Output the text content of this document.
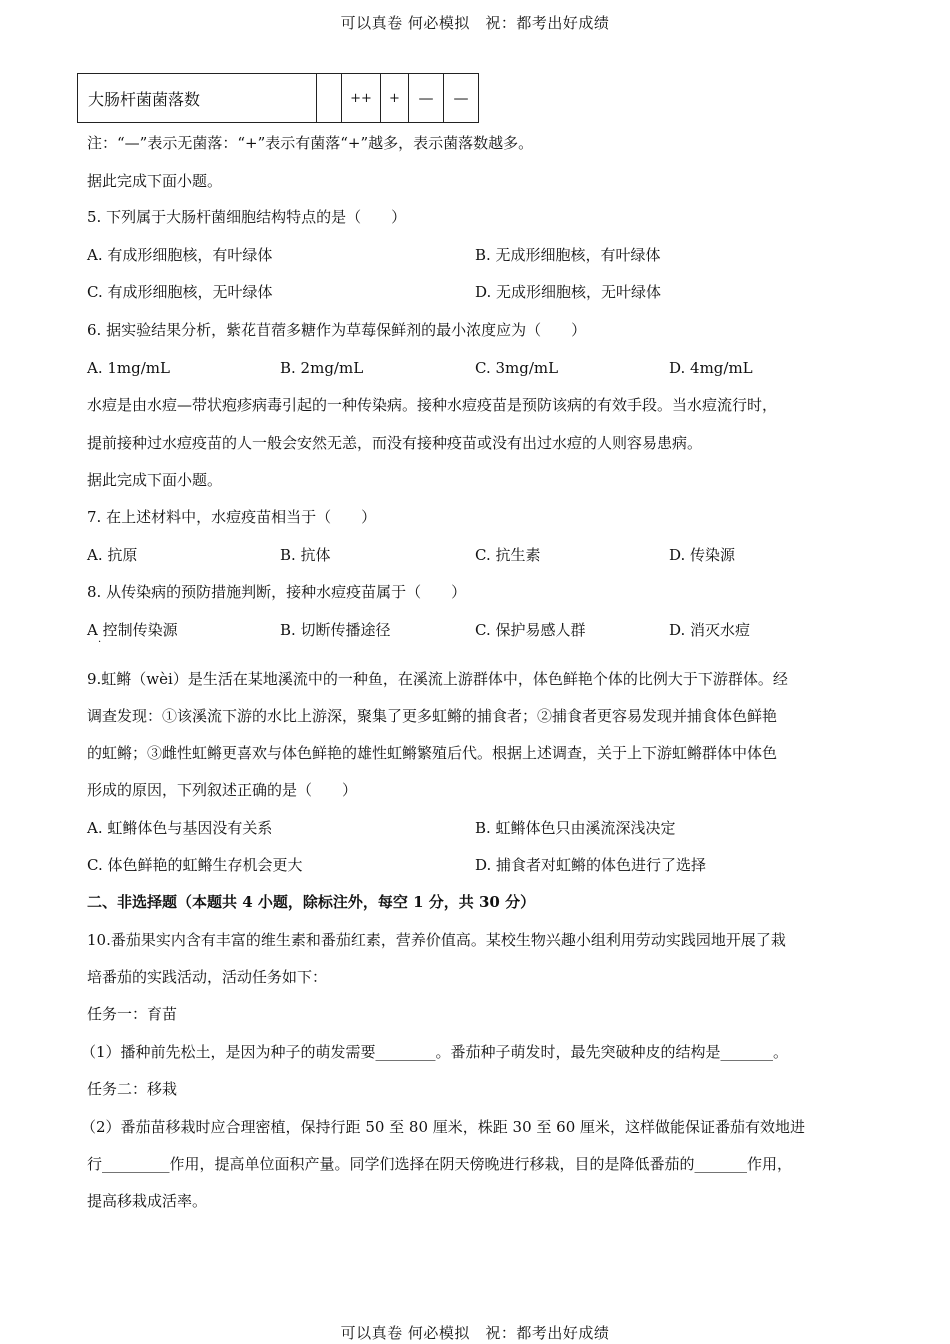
可以真卷 何必模拟　祝：都考出好成绩
大肠杆菌菌落数		++	+	—	—
注：“—”表示无菌落：“+”表示有菌落“+”越多，表示菌落数越多。
据此完成下面小题。
5. 下列属于大肠杆菌细胞结构特点的是（　　）
A. 有成形细胞核，有叶绿体	B. 无成形细胞核，有叶绿体
C. 有成形细胞核，无叶绿体	D. 无成形细胞核，无叶绿体
6. 据实验结果分析，紫花苜蓿多糖作为草莓保鲜剂的最小浓度应为（　　）
A. 1mg/mL	B. 2mg/mL	C. 3mg/mL	D. 4mg/mL
水痘是由水痘—带状疱疹病毒引起的一种传染病。接种水痘疫苗是预防该病的有效手段。当水痘流行时，
提前接种过水痘疫苗的人一般会安然无恙，而没有接种疫苗或没有出过水痘的人则容易患病。
据此完成下面小题。
7. 在上述材料中，水痘疫苗相当于（　　）
A. 抗原	B. 抗体	C. 抗生素	D. 传染源
8. 从传染病的预防措施判断，接种水痘疫苗属于（　　）
A 控制传染源
·
B. 切断传播途径	C. 保护易感人群	D. 消灭水痘
9.虹鳉（wèi）是生活在某地溪流中的一种鱼，在溪流上游群体中，体色鲜艳个体的比例大于下游群体。经
调查发现：①该溪流下游的水比上游深，聚集了更多虹鳉的捕食者；②捕食者更容易发现并捕食体色鲜艳
的虹鳉；③雌性虹鳉更喜欢与体色鲜艳的雄性虹鳉繁殖后代。根据上述调查，关于上下游虹鳉群体中体色
形成的原因，下列叙述正确的是（　　）
A. 虹鳉体色与基因没有关系	B. 虹鳉体色只由溪流深浅决定
C. 体色鲜艳的虹鳉生存机会更大	D. 捕食者对虹鳉的体色进行了选择
二、非选择题（本题共 4 小题，除标注外，每空 1 分，共 30 分）
10.番茄果实内含有丰富的维生素和番茄红素，营养价值高。某校生物兴趣小组利用劳动实践园地开展了栽
培番茄的实践活动，活动任务如下：
任务一：育苗
（1）播种前先松土，是因为种子的萌发需要________。番茄种子萌发时，最先突破种皮的结构是_______。
任务二：移栽
（2）番茄苗移栽时应合理密植，保持行距 50 至 80 厘米，株距 30 至 60 厘米，这样做能保证番茄有效地进
行_________作用，提高单位面积产量。同学们选择在阴天傍晚进行移栽，目的是降低番茄的_______作用，
提高移栽成活率。
可以真卷 何必模拟　祝：都考出好成绩
